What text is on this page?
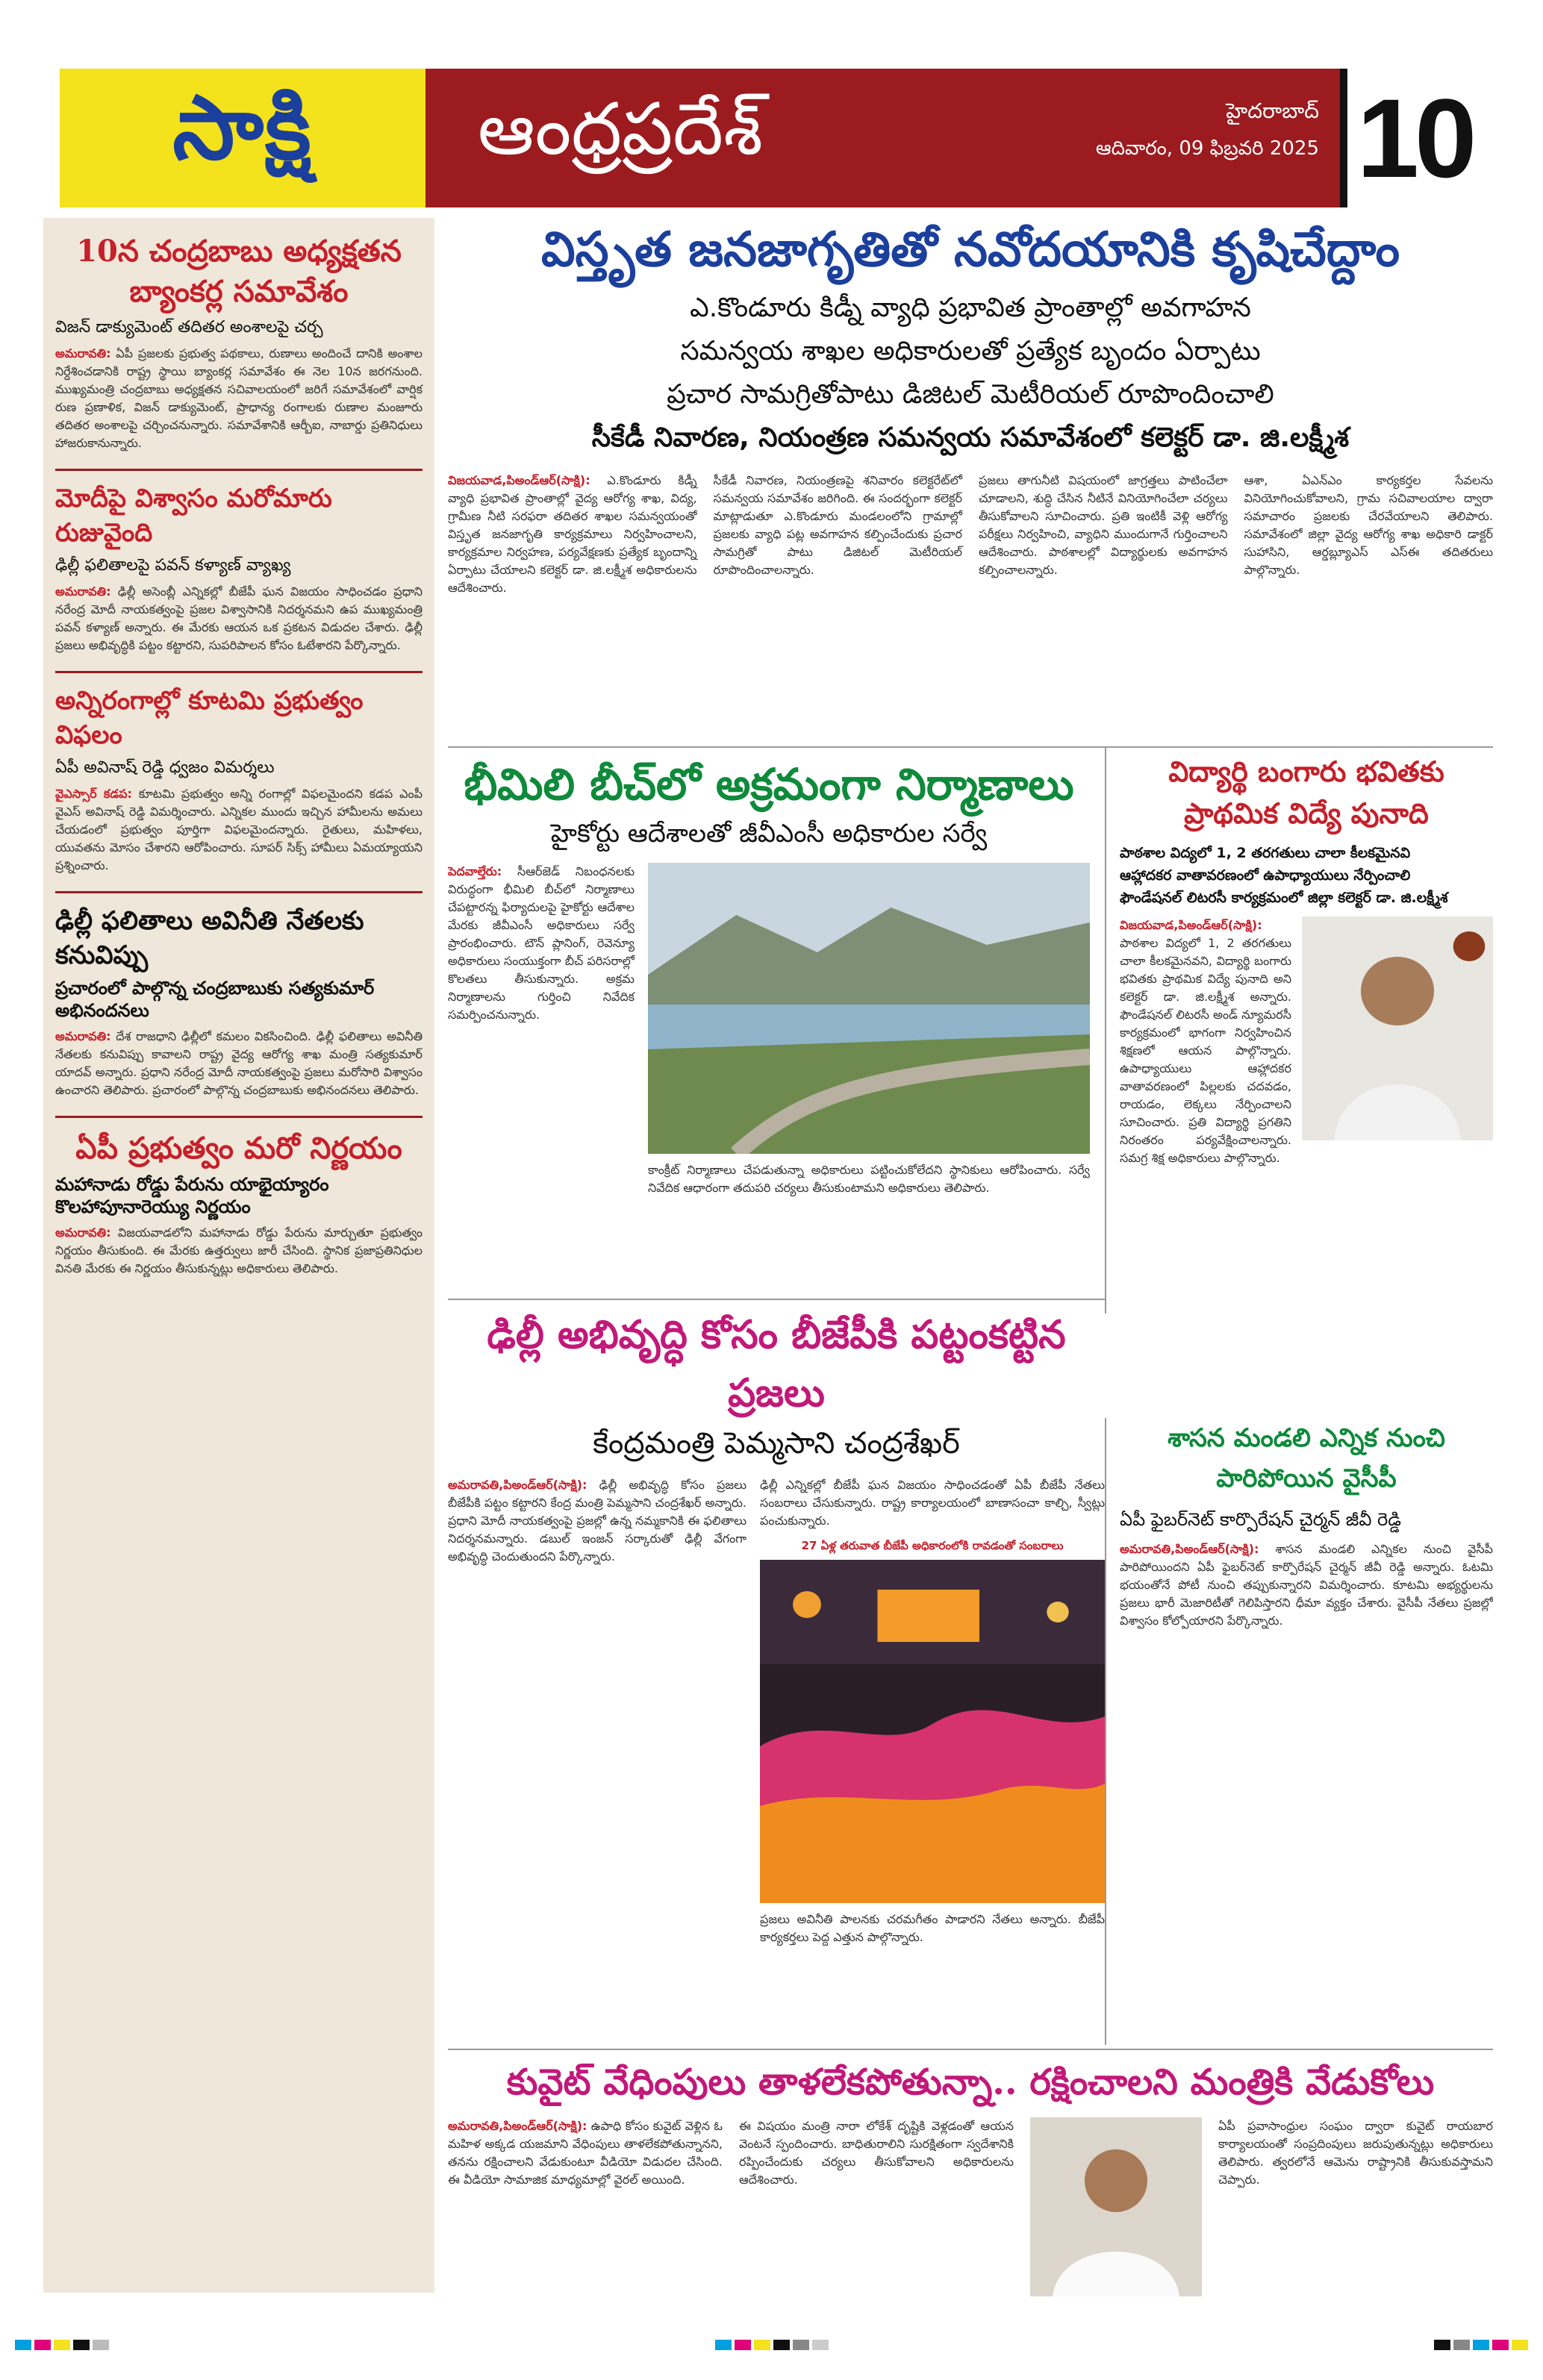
సాక్షి ఆంధ్రప్రదేశ్	హైదరాబాద్
ఆదివారం, 09 ఫిబ్రవరి 2025 10
10న చంద్రబాబు అధ్యక్షతన బ్యాంకర్ల సమావేశం
విజన్ డాక్యుమెంట్ తదితర అంశాలపై చర్చ
అమరావతి: ఏపీ ప్రజలకు ప్రభుత్వ పథకాలు, రుణాలు అందించే దానికి అంశాల నిర్దేశించడానికి రాష్ట్ర స్థాయి బ్యాంకర్ల సమావేశం ఈ నెల 10న జరగనుంది. ముఖ్యమంత్రి చంద్రబాబు అధ్యక్షతన సచివాలయంలో జరిగే సమావేశంలో వార్షిక రుణ ప్రణాళిక, విజన్ డాక్యుమెంట్, ప్రాధాన్య రంగాలకు రుణాల మంజూరు తదితర అంశాలపై చర్చించనున్నారు. సమావేశానికి ఆర్బీఐ, నాబార్డు ప్రతినిధులు హాజరుకానున్నారు.
మోదీపై విశ్వాసం మరోమారు రుజువైంది
ఢిల్లీ ఫలితాలపై పవన్ కళ్యాణ్ వ్యాఖ్య
అమరావతి: ఢిల్లీ అసెంబ్లీ ఎన్నికల్లో బీజేపీ ఘన విజయం సాధించడం ప్రధాని నరేంద్ర మోదీ నాయకత్వంపై ప్రజల విశ్వాసానికి నిదర్శనమని ఉప ముఖ్యమంత్రి పవన్ కళ్యాణ్ అన్నారు. ఈ మేరకు ఆయన ఒక ప్రకటన విడుదల చేశారు. ఢిల్లీ ప్రజలు అభివృద్ధికి పట్టం కట్టారని, సుపరిపాలన కోసం ఓటేశారని పేర్కొన్నారు.
అన్నిరంగాల్లో కూటమి ప్రభుత్వం విఫలం
ఏపీ అవినాష్ రెడ్డి ధ్వజం విమర్శలు
వైఎస్సార్ కడప: కూటమి ప్రభుత్వం అన్ని రంగాల్లో విఫలమైందని కడప ఎంపీ వైఎస్ అవినాష్ రెడ్డి విమర్శించారు. ఎన్నికల ముందు ఇచ్చిన హామీలను అమలు చేయడంలో ప్రభుత్వం పూర్తిగా విఫలమైందన్నారు. రైతులు, మహిళలు, యువతను మోసం చేశారని ఆరోపించారు. సూపర్ సిక్స్ హామీలు ఏమయ్యాయని ప్రశ్నించారు.
ఢిల్లీ ఫలితాలు అవినీతి నేతలకు కనువిప్పు
ప్రచారంలో పాల్గొన్న చంద్రబాబుకు సత్యకుమార్ అభినందనలు
అమరావతి: దేశ రాజధాని ఢిల్లీలో కమలం వికసించింది. ఢిల్లీ ఫలితాలు అవినీతి నేతలకు కనువిప్పు కావాలని రాష్ట్ర వైద్య ఆరోగ్య శాఖ మంత్రి సత్యకుమార్ యాదవ్ అన్నారు. ప్రధాని నరేంద్ర మోదీ నాయకత్వంపై ప్రజలు మరోసారి విశ్వాసం ఉంచారని తెలిపారు. ప్రచారంలో పాల్గొన్న చంద్రబాబుకు అభినందనలు తెలిపారు.
ఏపీ ప్రభుత్వం మరో నిర్ణయం
మహానాడు రోడ్డు పేరును యాభైయ్యారం కొలహాపూనారెయ్యు నిర్ణయం
అమరావతి: విజయవాడలోని మహానాడు రోడ్డు పేరును మార్చుతూ ప్రభుత్వం నిర్ణయం తీసుకుంది. ఈ మేరకు ఉత్తర్వులు జారీ చేసింది. స్థానిక ప్రజాప్రతినిధుల వినతి మేరకు ఈ నిర్ణయం తీసుకున్నట్లు అధికారులు తెలిపారు.
విస్తృత జనజాగృతితో నవోదయానికి కృషిచేద్దాం
ఎ.కొండూరు కిడ్నీ వ్యాధి ప్రభావిత ప్రాంతాల్లో అవగాహన
సమన్వయ శాఖల అధికారులతో ప్రత్యేక బృందం ఏర్పాటు
ప్రచార సామగ్రితోపాటు డిజిటల్ మెటీరియల్ రూపొందించాలి
సీకేడీ నివారణ, నియంత్రణ సమన్వయ సమావేశంలో కలెక్టర్ డా. జి.లక్ష్మీశ

విజయవాడ,పిఅండ్‌ఆర్(సాక్షి): ఎ.కొండూరు కిడ్నీ వ్యాధి ప్రభావిత ప్రాంతాల్లో వైద్య ఆరోగ్య శాఖ, విద్య, గ్రామీణ నీటి సరఫరా తదితర శాఖల సమన్వయంతో విస్తృత జనజాగృతి కార్యక్రమాలు నిర్వహించాలని, కార్యక్రమాల నిర్వహణ, పర్యవేక్షణకు ప్రత్యేక బృందాన్ని ఏర్పాటు చేయాలని కలెక్టర్ డా. జి.లక్ష్మీశ అధికారులను ఆదేశించారు.

సీకేడీ నివారణ, నియంత్రణపై శనివారం కలెక్టరేట్‌లో సమన్వయ సమావేశం జరిగింది. ఈ సందర్భంగా కలెక్టర్ మాట్లాడుతూ ఎ.కొండూరు మండలంలోని గ్రామాల్లో ప్రజలకు వ్యాధి పట్ల అవగాహన కల్పించేందుకు ప్రచార సామగ్రితో పాటు డిజిటల్ మెటీరియల్ రూపొందించాలన్నారు.

ప్రజలు తాగునీటి విషయంలో జాగ్రత్తలు పాటించేలా చూడాలని, శుద్ధి చేసిన నీటినే వినియోగించేలా చర్యలు తీసుకోవాలని సూచించారు. ప్రతి ఇంటికీ వెళ్లి ఆరోగ్య పరీక్షలు నిర్వహించి, వ్యాధిని ముందుగానే గుర్తించాలని ఆదేశించారు. పాఠశాలల్లో విద్యార్థులకు అవగాహన కల్పించాలన్నారు.

ఆశా, ఏఎన్ఎం కార్యకర్తల సేవలను వినియోగించుకోవాలని, గ్రామ సచివాలయాల ద్వారా సమాచారం ప్రజలకు చేరవేయాలని తెలిపారు. సమావేశంలో జిల్లా వైద్య ఆరోగ్య శాఖ అధికారి డాక్టర్ సుహాసిని, ఆర్డబ్ల్యూఎస్ ఎస్ఈ తదితరులు పాల్గొన్నారు.

భీమిలి బీచ్‌లో అక్రమంగా నిర్మాణాలు
హైకోర్టు ఆదేశాలతో జీవీఎంసీ అధికారుల సర్వే

పెదవాల్తేరు: సీఆర్‌జెడ్ నిబంధనలకు విరుద్ధంగా భీమిలి బీచ్‌లో నిర్మాణాలు చేపట్టారన్న ఫిర్యాదులపై హైకోర్టు ఆదేశాల మేరకు జీవీఎంసీ అధికారులు సర్వే ప్రారంభించారు. టౌన్ ప్లానింగ్, రెవెన్యూ అధికారులు సంయుక్తంగా బీచ్ పరిసరాల్లో కొలతలు తీసుకున్నారు. అక్రమ నిర్మాణాలను గుర్తించి నివేదిక సమర్పించనున్నారు.

కాంక్రీట్ నిర్మాణాలు చేపడుతున్నా అధికారులు పట్టించుకోలేదని స్థానికులు ఆరోపించారు. సర్వే నివేదిక ఆధారంగా తదుపరి చర్యలు తీసుకుంటామని అధికారులు తెలిపారు.

విద్యార్థి బంగారు భవితకు ప్రాథమిక విద్యే పునాది
పాఠశాల విద్యలో 1, 2 తరగతులు చాలా కీలకమైనవి
ఆహ్లాదకర వాతావరణంలో ఉపాధ్యాయులు నేర్పించాలి
ఫౌండేషనల్ లిటరసీ కార్యక్రమంలో జిల్లా కలెక్టర్ డా. జి.లక్ష్మీశ

విజయవాడ,పిఅండ్‌ఆర్(సాక్షి): పాఠశాల విద్యలో 1, 2 తరగతులు చాలా కీలకమైనవని, విద్యార్థి బంగారు భవితకు ప్రాథమిక విద్యే పునాది అని కలెక్టర్ డా. జి.లక్ష్మీశ అన్నారు. ఫౌండేషనల్ లిటరసీ అండ్ న్యూమరసీ కార్యక్రమంలో భాగంగా నిర్వహించిన శిక్షణలో ఆయన పాల్గొన్నారు. ఉపాధ్యాయులు ఆహ్లాదకర వాతావరణంలో పిల్లలకు చదవడం, రాయడం, లెక్కలు నేర్పించాలని సూచించారు. ప్రతి విద్యార్థి ప్రగతిని నిరంతరం పర్యవేక్షించాలన్నారు. సమగ్ర శిక్ష అధికారులు పాల్గొన్నారు.

ఢిల్లీ అభివృద్ధి కోసం బీజేపీకి పట్టంకట్టిన ప్రజలు
కేంద్రమంత్రి పెమ్మసాని చంద్రశేఖర్

అమరావతి,పిఅండ్‌ఆర్(సాక్షి): ఢిల్లీ అభివృద్ధి కోసం ప్రజలు బీజేపీకి పట్టం కట్టారని కేంద్ర మంత్రి పెమ్మసాని చంద్రశేఖర్ అన్నారు. ప్రధాని మోదీ నాయకత్వంపై ప్రజల్లో ఉన్న నమ్మకానికి ఈ ఫలితాలు నిదర్శనమన్నారు. డబుల్ ఇంజన్ సర్కారుతో ఢిల్లీ వేగంగా అభివృద్ధి చెందుతుందని పేర్కొన్నారు.

ఢిల్లీ ఎన్నికల్లో బీజేపీ ఘన విజయం సాధించడంతో ఏపీ బీజేపీ నేతలు సంబరాలు చేసుకున్నారు. రాష్ట్ర కార్యాలయంలో బాణాసంచా కాల్చి, స్వీట్లు పంచుకున్నారు.

27 ఏళ్ల తరువాత బీజేపీ అధికారంలోకి రావడంతో సంబరాలు

ప్రజలు అవినీతి పాలనకు చరమగీతం పాడారని నేతలు అన్నారు. బీజేపీ కార్యకర్తలు పెద్ద ఎత్తున పాల్గొన్నారు.

శాసన మండలి ఎన్నిక నుంచి పారిపోయిన వైసీపీ
ఏపీ ఫైబర్‌నెట్ కార్పొరేషన్ చైర్మన్ జీవీ రెడ్డి

అమరావతి,పిఅండ్‌ఆర్(సాక్షి): శాసన మండలి ఎన్నికల నుంచి వైసీపీ పారిపోయిందని ఏపీ ఫైబర్‌నెట్ కార్పొరేషన్ చైర్మన్ జీవీ రెడ్డి అన్నారు. ఓటమి భయంతోనే పోటీ నుంచి తప్పుకున్నారని విమర్శించారు. కూటమి అభ్యర్థులను ప్రజలు భారీ మెజారిటీతో గెలిపిస్తారని ధీమా వ్యక్తం చేశారు. వైసీపీ నేతలు ప్రజల్లో విశ్వాసం కోల్పోయారని పేర్కొన్నారు.

కువైట్ వేధింపులు తాళలేకపోతున్నా.. రక్షించాలని మంత్రికి వేడుకోలు

అమరావతి,పిఅండ్‌ఆర్(సాక్షి): ఉపాధి కోసం కువైట్ వెళ్లిన ఓ మహిళ అక్కడ యజమాని వేధింపులు తాళలేకపోతున్నానని, తనను రక్షించాలని వేడుకుంటూ వీడియో విడుదల చేసింది. ఈ వీడియో సామాజిక మాధ్యమాల్లో వైరల్ అయింది.

ఈ విషయం మంత్రి నారా లోకేశ్ దృష్టికి వెళ్లడంతో ఆయన వెంటనే స్పందించారు. బాధితురాలిని సురక్షితంగా స్వదేశానికి రప్పించేందుకు చర్యలు తీసుకోవాలని అధికారులను ఆదేశించారు.

ఏపీ ప్రవాసాంధ్రుల సంఘం ద్వారా కువైట్ రాయబార కార్యాలయంతో సంప్రదింపులు జరుపుతున్నట్లు అధికారులు తెలిపారు. త్వరలోనే ఆమెను రాష్ట్రానికి తీసుకువస్తామని చెప్పారు.
